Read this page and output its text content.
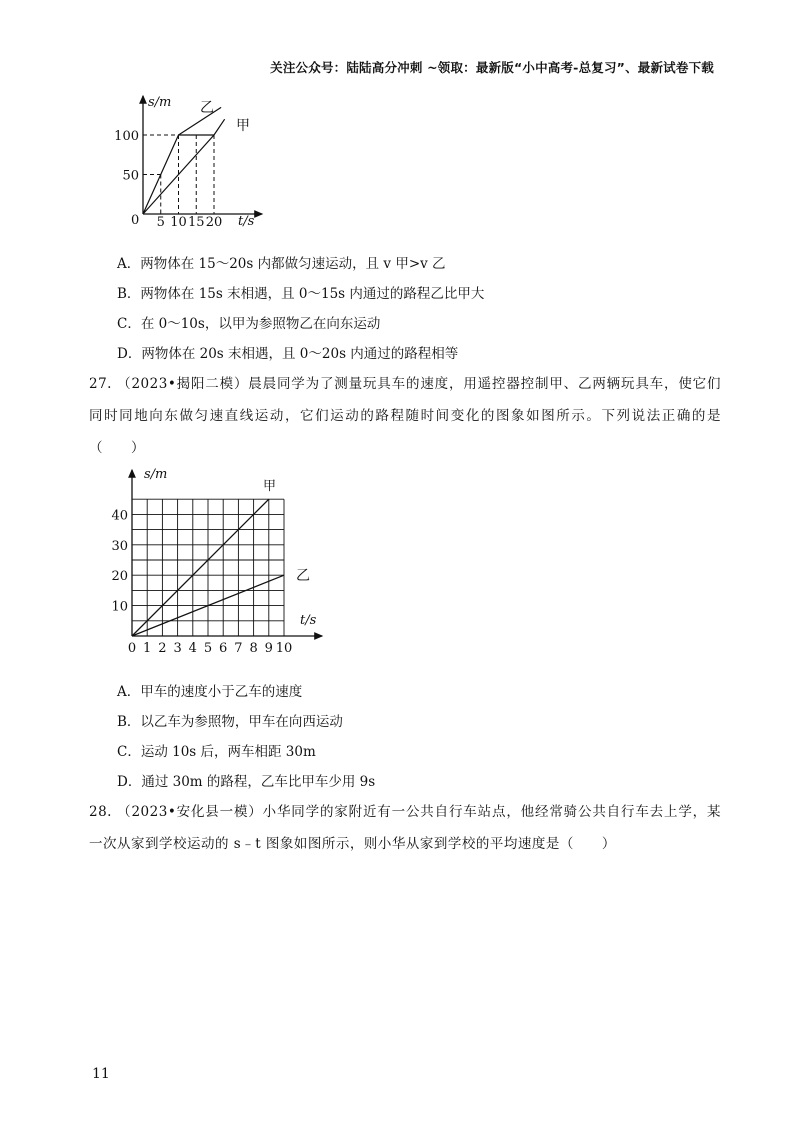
关注公众号：陆陆高分冲刺 ~领取：最新版“小中高考-总复习”、最新试卷下载
s/m
t/s
0
50
100
5 10 15 20
乙
甲
A．两物体在 15～20s 内都做匀速运动，且 v 甲>v 乙
B．两物体在 15s 末相遇，且 0～15s 内通过的路程乙比甲大
C．在 0～10s，以甲为参照物乙在向东运动
D．两物体在 20s 末相遇，且 0～20s 内通过的路程相等
27. （2023•揭阳二模）晨晨同学为了测量玩具车的速度，用遥控器控制甲、乙两辆玩具车，使它们同时同地向东做匀速直线运动，它们运动的路程随时间变化的图象如图所示。下列说法正确的是（　　）
s/m
t/s
10
20
30
40
0 1 2 3 4 5 6 7 8 9 10
甲
乙
A．甲车的速度小于乙车的速度
B．以乙车为参照物，甲车在向西运动
C．运动 10s 后，两车相距 30m
D．通过 30m 的路程，乙车比甲车少用 9s
28. （2023•安化县一模）小华同学的家附近有一公共自行车站点，他经常骑公共自行车去上学，某一次从家到学校运动的 s﹣t 图象如图所示，则小华从家到学校的平均速度是（　　）
11
